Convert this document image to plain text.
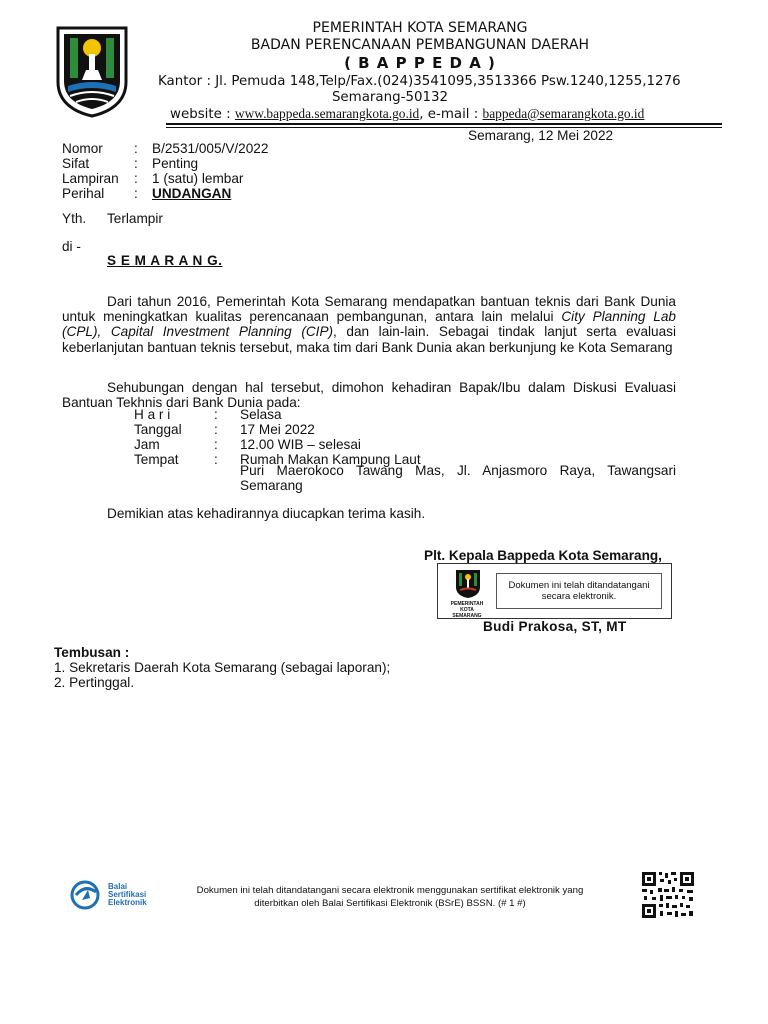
PEMERINTAH KOTA SEMARANG
BADAN PERENCANAAN PEMBANGUNAN DAERAH
( B A P P E D A )
Kantor : Jl. Pemuda 148,Telp/Fax.(024)3541095,3513366 Psw.1240,1255,1276
Semarang-50132
website : www.bappeda.semarangkota.go.id, e-mail : bappeda@semarangkota.go.id
Semarang, 12 Mei 2022
Nomor	:	B/2531/005/V/2022
Sifat	:	Penting
Lampiran	:	1 (satu) lembar
Perihal	:	UNDANGAN
Yth. Terlampir
di -
S E M A R A N G.
Dari tahun 2016, Pemerintah Kota Semarang mendapatkan bantuan teknis dari Bank Dunia untuk meningkatkan kualitas perencanaan pembangunan, antara lain melalui City Planning Lab (CPL), Capital Investment Planning (CIP), dan lain-lain. Sebagai tindak lanjut serta evaluasi keberlanjutan bantuan teknis tersebut, maka tim dari Bank Dunia akan berkunjung ke Kota Semarang
Sehubungan dengan hal tersebut, dimohon kehadiran Bapak/Ibu dalam Diskusi Evaluasi Bantuan Tekhnis dari Bank Dunia pada:
H a r i	:	Selasa
Tanggal	:	17 Mei 2022
Jam	:	12.00 WIB – selesai
Tempat	:	Rumah Makan Kampung Laut
Puri Maerokoco Tawang Mas, Jl. Anjasmoro Raya, Tawangsari Semarang
Demikian atas kehadirannya diucapkan terima kasih.
Plt. Kepala Bappeda Kota Semarang,
PEMERINTAH KOTA SEMARANG
Dokumen ini telah ditandatangani secara elektronik.
Budi Prakosa, ST, MT
Tembusan :
1. Sekretaris Daerah Kota Semarang (sebagai laporan);
2. Pertinggal.
Balai Sertifikasi Elektronik
Dokumen ini telah ditandatangani secara elektronik menggunakan sertifikat elektronik yang diterbitkan oleh Balai Sertifikasi Elektronik (BSrE) BSSN. (# 1 #)
